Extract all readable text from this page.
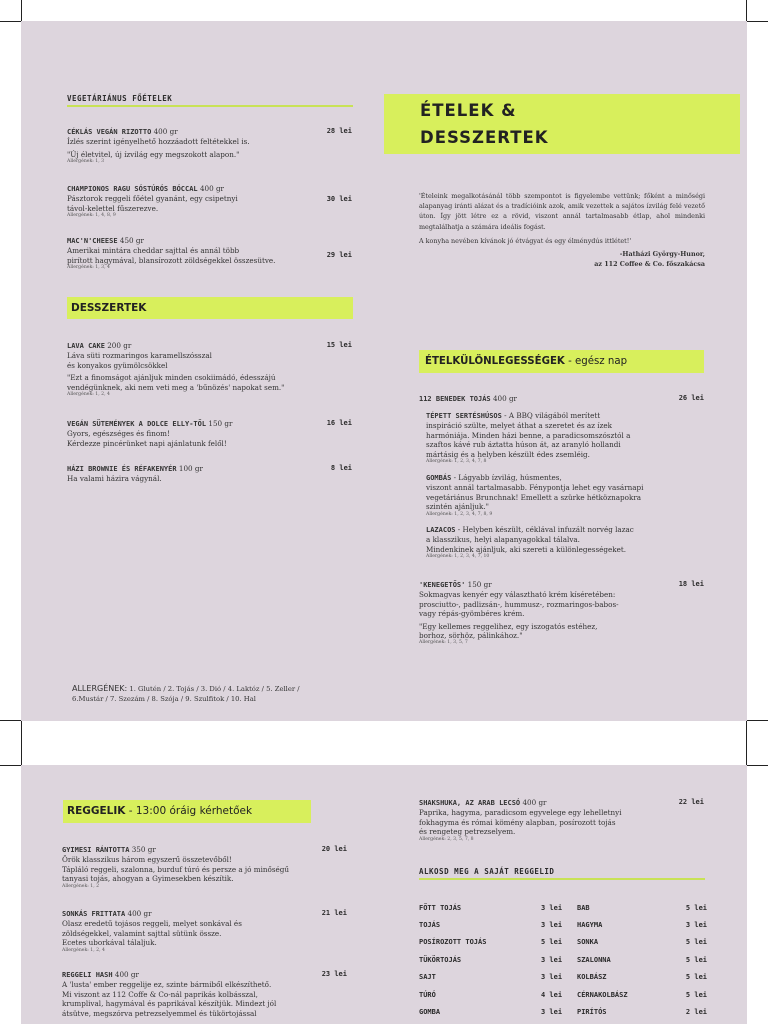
VEGETÁRIÁNUS FŐÉTELEK
CÉKLÁS VEGÁN RIZOTTO 400 gr
Ízlés szerint igényelhető hozzáadott feltétekkel is.
"Új életvitel, új ízvilág egy megszokott alapon."
Allergének: 1, 3
28 lei
CHAMPIONOS RAGU SÓSTÚRÓS BÓCCAL 400 gr
Pásztorok reggeli főétel gyanánt, egy csipetnyi
távol-kelettel fűszerezve.
Allergének: 1, 4, 8, 9
30 lei
MAC'N'CHEESE 450 gr
Amerikai mintára cheddar sajttal és annál több
pirított hagymával, blansírozott zöldségekkel összesütve.
Allergének: 1, 3, 4
29 lei
DESSZERTEK
LAVA CAKE 200 gr
Láva süti rozmaringos karamellszósszal
és konyakos gyümölcsökkel
"Ezt a finomságot ajánljuk minden csokiimádó, édesszájú
vendégünknek, aki nem veti meg a 'bűnözés' napokat sem."
Allergének: 1, 2, 4
15 lei
VEGÁN SÜTEMÉNYEK A DOLCE ELLY-TŐL 150 gr
Gyors, egészséges és finom!
Kérdezze pincérünket napi ajánlatunk felől!
16 lei
HÁZI BROWNIE ÉS RÉFAKENYÉR 100 gr
Ha valami házira vágynál.
8 lei
ALLERGÉNEK: 1. Glutén / 2. Tojás / 3. Dió / 4. Laktóz / 5. Zeller /
6.Mustár / 7. Szezám / 8. Szója / 9. Szulfitok / 10. Hal
ÉTELEK &
DESSZERTEK
'Ételeink megalkotásánál több szempontot is figyelembe vettünk; főként a minőségi alapanyag iránti alázat és a tradícióink azok, amik vezettek a sajátos ízvilág felé vezető úton. Így jött létre ez a rövid, viszont annál tartalmasabb étlap, ahol mindenki megtalálhatja a számára ideális fogást.
A konyha nevében kívánok jó étvágyat és egy élménydús ittlétet!'
-Hatházi György-Hunor,
az 112 Coffee & Co. főszakácsa
ÉTELKÜLÖNLEGESSÉGEK - egész nap
112 BENEDEK TOJÁS 400 gr	26 lei
TÉPETT SERTÉSHÚSOS - A BBQ világából merített
inspiráció szülte, melyet áthat a szeretet és az ízek
harmóniája. Minden házi benne, a paradicsomszósztól a
szaftos kávé rub áztatta húson át, az aranyló hollandi
mártásig és a helyben készült édes zsemléig.
Allergének: 1, 2, 3, 4, 7, 8
GOMBÁS - Lágyabb ízvilág, húsmentes,
viszont annál tartalmasabb. Fénypontja lehet egy vasárnapi
vegetáriánus Brunchnak! Emellett a szürke hétköznapokra
szintén ajánljuk."
Allergének: 1, 2, 3, 4, 7, 8, 9
LAZACOS - Helyben készült, céklával infuzált norvég lazac
a klasszikus, helyi alapanyagokkal tálalva.
Mindenkinek ajánljuk, aki szereti a különlegességeket.
Allergének: 1, 2, 3, 4, 7, 10
'KENEGETŐS' 150 gr
Sokmagvas kenyér egy választható krém kíséretében:
prosciutto-, padlizsán-, hummusz-, rozmaringos-babos-
vagy répás-gyömbéres krém.
"Egy kellemes reggelihez, egy iszogatós estéhez,
borhoz, sörhöz, pálinkához."
Allergének: 1, 3, 5, 7
18 lei
REGGELIK - 13:00 óráig kérhetőek
GYIMESI RÁNTOTTA 350 gr
Örök klasszikus három egyszerű összetevőből!
Tápláló reggeli, szalonna, burduf túró és persze a jó minőségű
tanyasi tojás, ahogyan a Gyimesekben készítik.
Allergének: 1, 2
20 lei
SONKÁS FRITTATA 400 gr
Olasz eredetű tojásos reggeli, melyet sonkával és
zöldségekkel, valamint sajttal sütünk össze.
Ecetes uborkával tálaljuk.
Allergének: 1, 2, 4
21 lei
REGGELI HASH 400 gr
A 'lusta' ember reggelije ez, szinte bármiből elkészíthető.
Mi viszont az 112 Coffe & Co-nál paprikás kolbásszal,
krumplival, hagymával és paprikával készítjük. Mindezt jól
átsütve, megszórva petrezselyemmel és tükörtojással
23 lei
SHAKSHUKA, AZ ARAB LECSÓ 400 gr
Paprika, hagyma, paradicsom egyvelege egy lehelletnyi
fokhagyma és római kömény alapban, posírozott tojás
és rengeteg petrezselyem.
Allergének: 2, 3, 5, 7, 8
22 lei
ALKOSD MEG A SAJÁT REGGELID
FŐTT TOJÁS	3 lei	BAB	5 lei
TOJÁS	3 lei	HAGYMA	3 lei
POSÍROZOTT TOJÁS	5 lei	SONKA	5 lei
TÜKÖRTOJÁS	3 lei	SZALONNA	5 lei
SAJT	3 lei	KOLBÁSZ	5 lei
TÚRÓ	4 lei	CÉRNAKOLBÁSZ	5 lei
GOMBA	3 lei	PIRÍTÓS	2 lei
